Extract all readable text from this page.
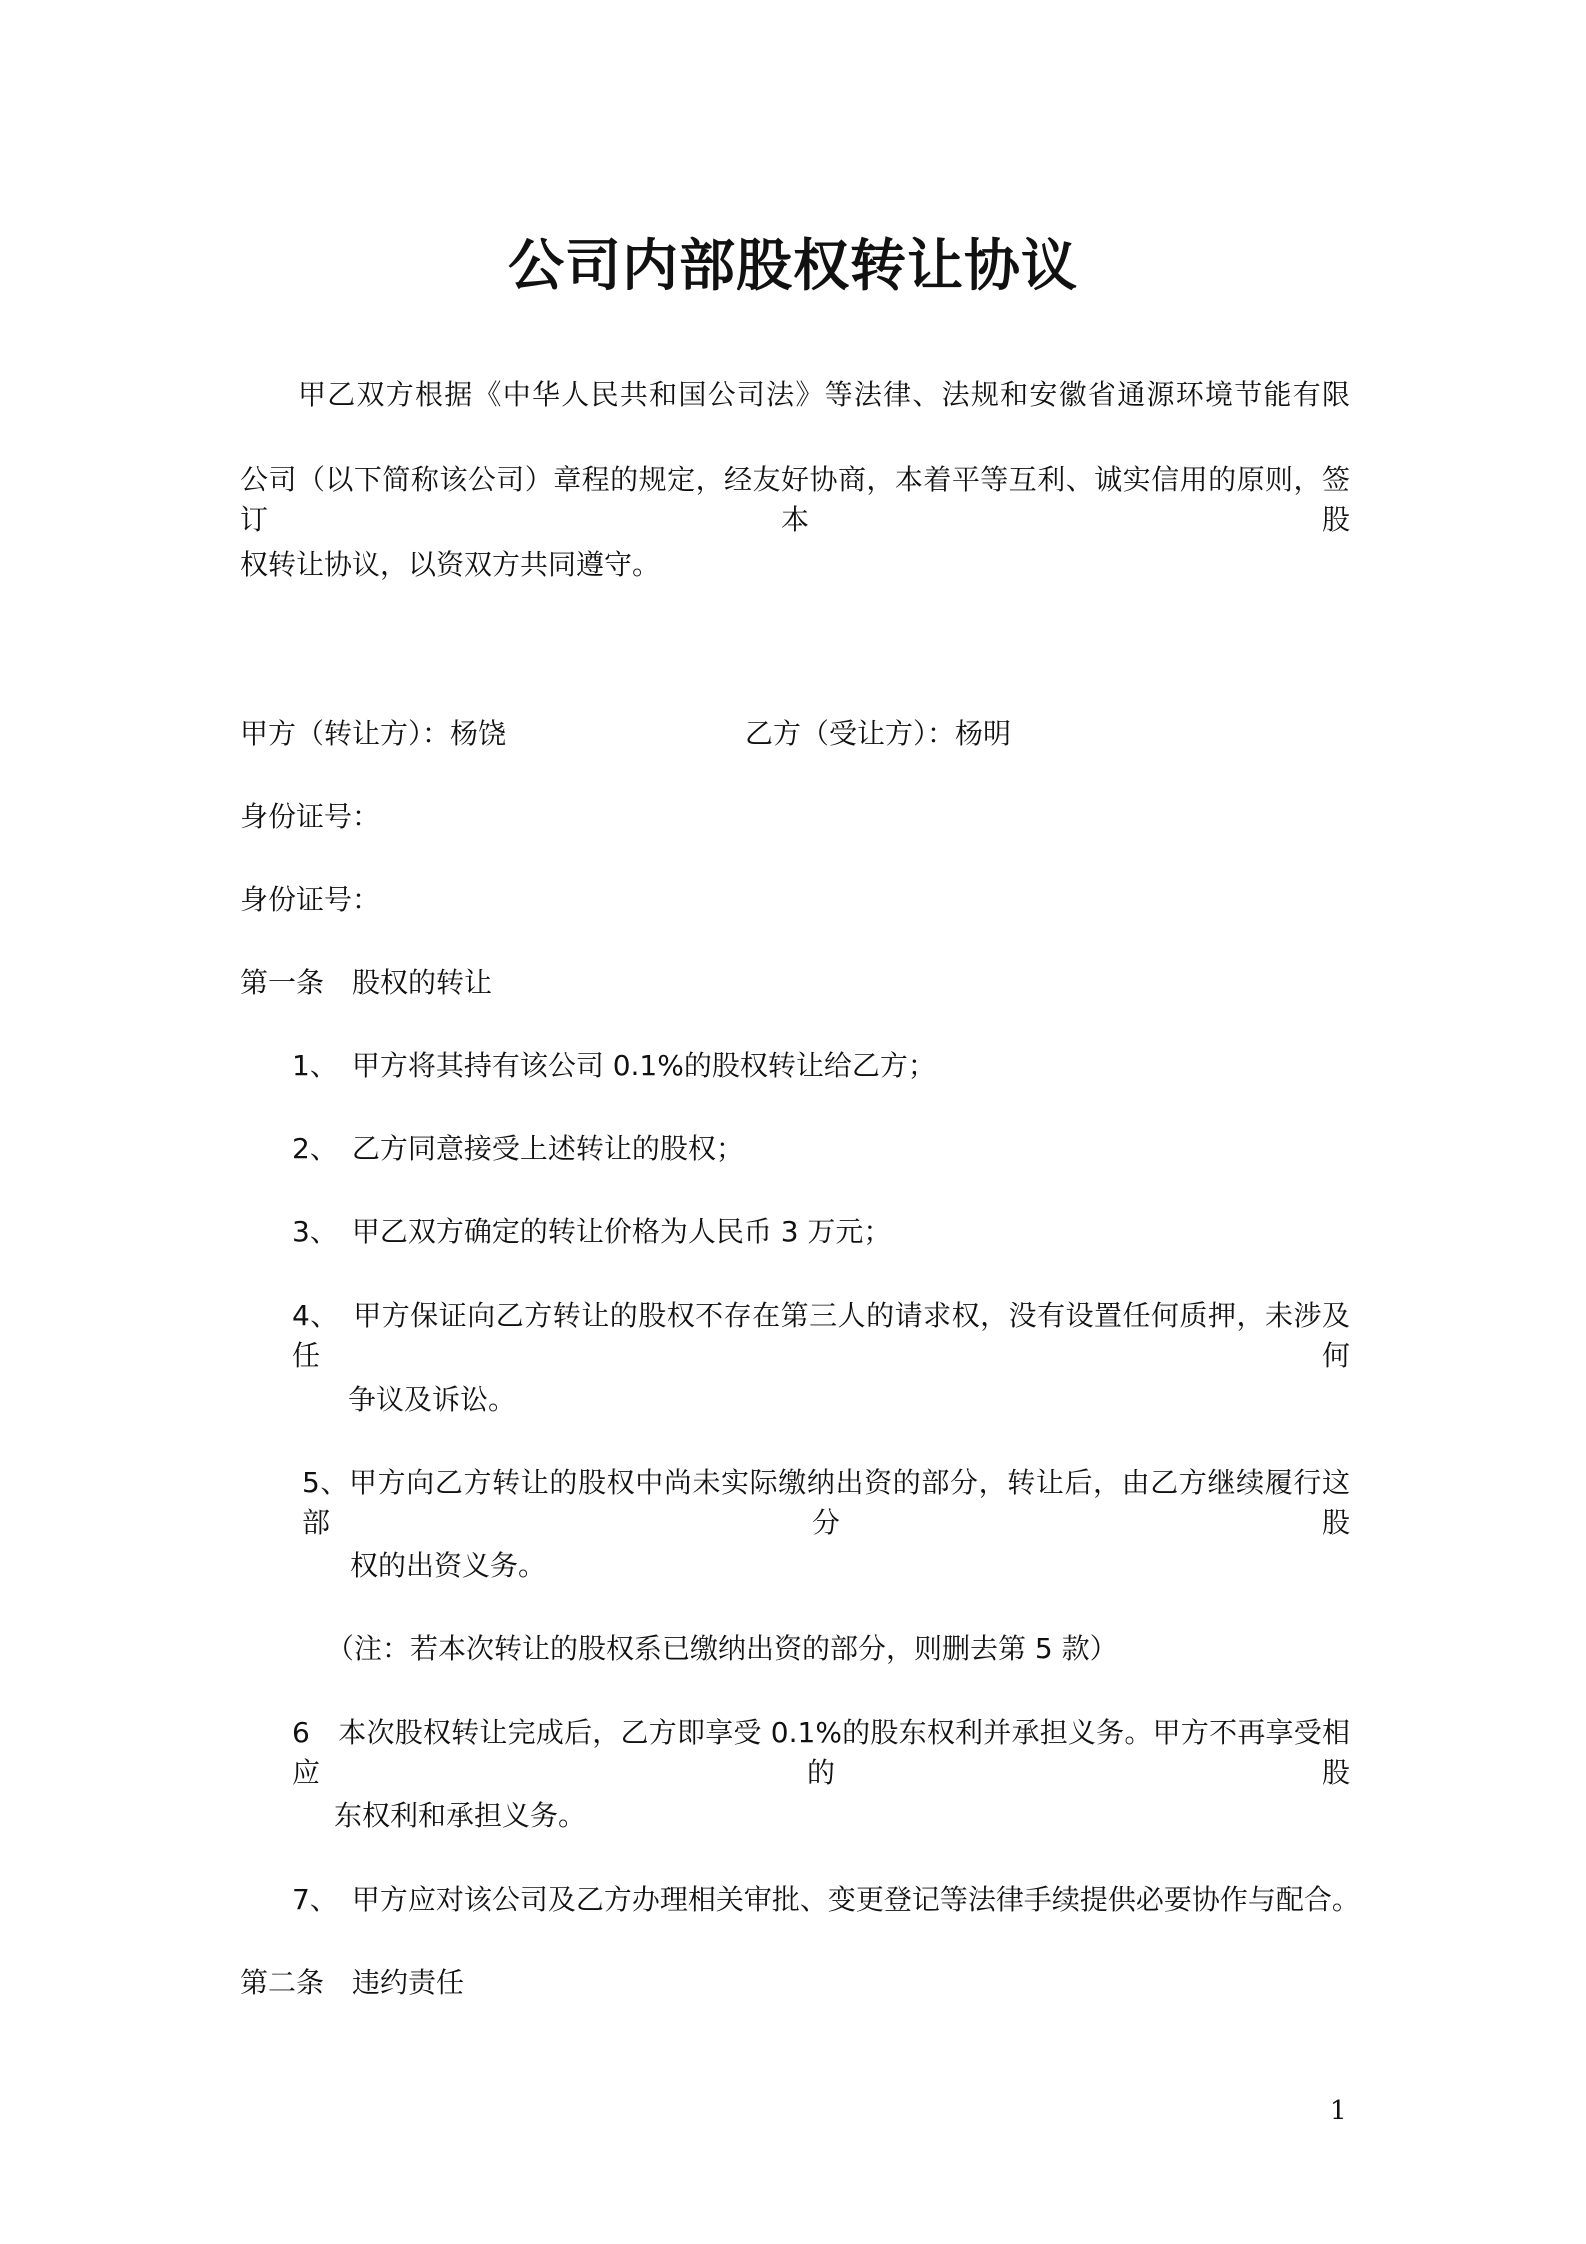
公司内部股权转让协议
甲乙双方根据《中华人民共和国公司法》等法律、法规和安徽省通源环境节能有限
公司（以下简称该公司）章程的规定，经友好协商，本着平等互利、诚实信用的原则，签订本股
权转让协议，以资双方共同遵守。
甲方（转让方）：杨饶	乙方（受让方）：杨明
身份证号：
身份证号：
第一条　股权的转让
1、　甲方将其持有该公司 0.1%的股权转让给乙方；
2、　乙方同意接受上述转让的股权；
3、　甲乙双方确定的转让价格为人民币 3 万元；
4、　甲方保证向乙方转让的股权不存在第三人的请求权，没有设置任何质押，未涉及任何
争议及诉讼。
5、甲方向乙方转让的股权中尚未实际缴纳出资的部分，转让后，由乙方继续履行这部分股
权的出资义务。
（注：若本次转让的股权系已缴纳出资的部分，则删去第 5 款）
6　本次股权转让完成后，乙方即享受 0.1%的股东权利并承担义务。甲方不再享受相应的股
东权利和承担义务。
7、　甲方应对该公司及乙方办理相关审批、变更登记等法律手续提供必要协作与配合。
第二条　违约责任
1
